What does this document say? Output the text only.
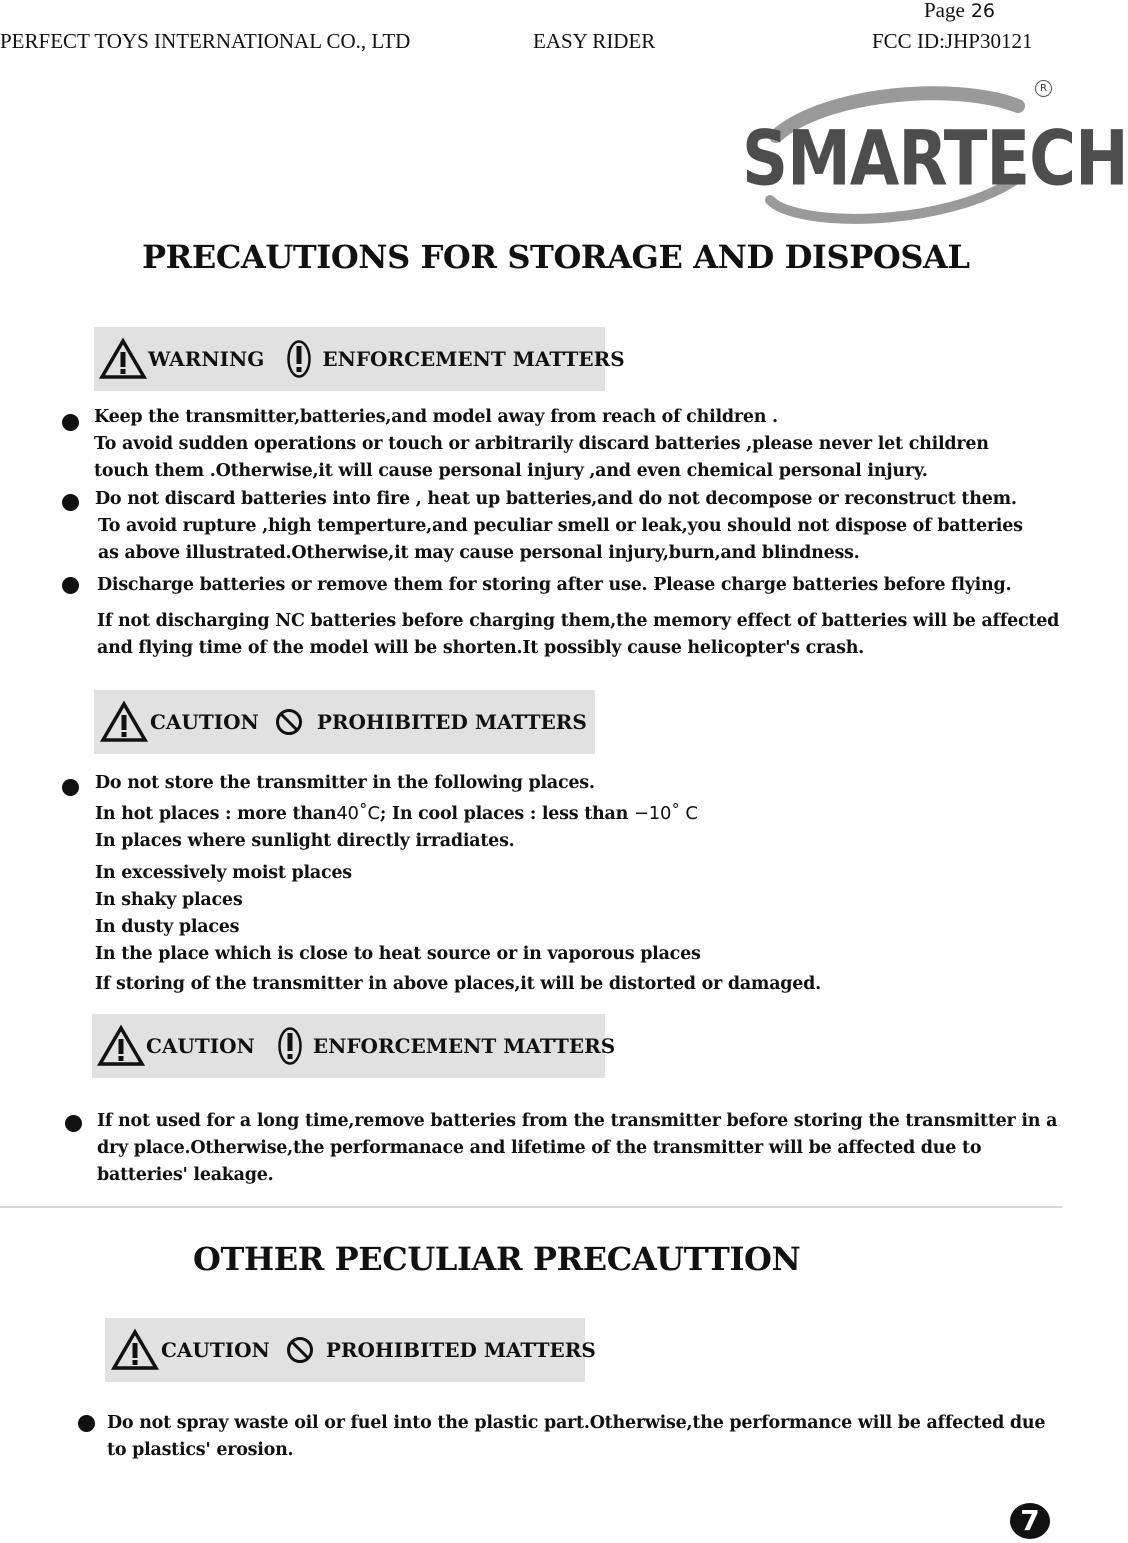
Page 26
PERFECT TOYS INTERNATIONAL CO., LTD	EASY RIDER	FCC ID:JHP30121
SMARTECH
R
PRECAUTIONS FOR STORAGE AND DISPOSAL
WARNING	ENFORCEMENT MATTERS
Keep the transmitter,batteries,and model away from reach of children .
To avoid sudden operations or touch or arbitrarily discard batteries ,please never let children
touch them .Otherwise,it will cause personal injury ,and even chemical personal injury.
Do not discard batteries into fire , heat up batteries,and do not decompose or reconstruct them.
To avoid rupture ,high temperture,and peculiar smell or leak,you should not dispose of batteries
as above illustrated.Otherwise,it may cause personal injury,burn,and blindness.
Discharge batteries or remove them for storing after use. Please charge batteries before flying.
If not discharging NC batteries before charging them,the memory effect of batteries will be affected
and flying time of the model will be shorten.It possibly cause helicopter's crash.
CAUTION	PROHIBITED MATTERS
Do not store the transmitter in the following places.
In hot places : more than40˚C; In cool places : less than −10˚ C
In places where sunlight directly irradiates.
In excessively moist places
In shaky places
In dusty places
In the place which is close to heat source or in vaporous places
If storing of the transmitter in above places,it will be distorted or damaged.
CAUTION	ENFORCEMENT MATTERS
If not used for a long time,remove batteries from the transmitter before storing the transmitter in a
dry place.Otherwise,the performanace and lifetime of the transmitter will be affected due to
batteries' leakage.
OTHER PECULIAR PRECAUTTION
CAUTION	PROHIBITED MATTERS
Do not spray waste oil or fuel into the plastic part.Otherwise,the performance will be affected due
to plastics' erosion.
7
